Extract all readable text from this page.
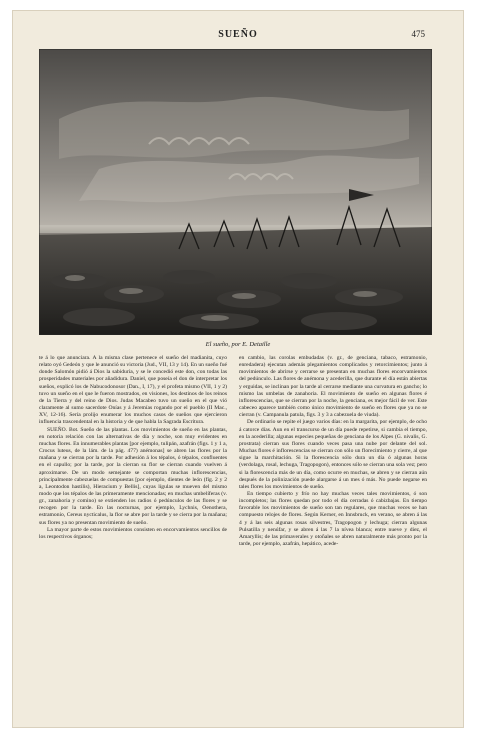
SUEÑO	475
El sueño, por E. Detaille

te á lo que anunciara. A la misma clase pertenece el sueño del madianita, cuyo relato oyó Gedeón y que le anunció su victoria (Jud., VII, 13 y 14). En un sueño fué donde Salomón pidió á Dios la sabiduría, y se le concedió este don, con todas las prosperidades materiales por añadidura. Daniel, que poseía el don de interpretar los sueños, explicó los de Nabucodonosor (Dan., I, 17), y el profeta mismo (VII, 1 y 2) tuvo un sueño en el que le fueron mostrados, en visiones, los destinos de los reinos de la Tierra y del reino de Dios. Judas Macabeo tuvo un sueño en el que vió claramente al sumo sacerdote Onías y á Jeremías rogando por el pueblo (II Mac., XV, 12-16). Sería prolijo enumerar los muchos casos de sueños que ejercieron influencia trascendental en la historia y de que habla la Sagrada Escritura.

SUEÑO. Bot. Sueño de las plantas. Los movimientos de sueño en las plantas, en notoria relación con las alternativas de día y noche, son muy evidentes en muchas flores. En innumerables plantas [por ejemplo, tulipán, azafrán (figs. 1 y 1 a, Crocus luteus, de la lám. de la pág. 477) anémonas] se abren las flores por la mañana y se cierran por la tarde. Por adhesión á los tépalos, ó tépalos, confluentes en el capullo; por la tarde, por la cierran su flor se cierran cuando vuelven á aproximarse. De un modo semejante se comportan muchas inflorescencias, principalmente cabezuelas de compuestas [por ejemplo, dientes de león (fig. 2 y 2 a, Leontodon hastilis), Hieracium y Bellis], cuyas lígulas se mueven del mismo modo que los tépalos de las primeramente mencionadas; en muchas umbelíferas (v. gr., zanahoria y comino) se extienden los radios ó pedúnculos de las flores y se recogen por la tarde. En las nocturnas, por ejemplo, Lychnis, Oenothera, estramonio, Cereus nycticalus, la flor se abre por la tarde y se cierra por la mañana; sus flores ya no presentan movimiento de sueño.

La mayor parte de estos movimientos consisten en encorvamientos sencillos de los respectivos órganos;

en cambio, las corolas embudadas (v. gr., de genciana, tabaco, estramonio, enredadera) ejecutan además plegamientos complicados y retorcimientos; junto á movimientos de abrirse y cerrarse se presentan en muchas flores encorvamientos del pedúnculo. Las flores de anémona y acederilla, que durante el día están abiertas y erguidas, se inclinan por la tarde al cerrarse mediante una curvatura en gancho; lo mismo las umbelas de zanahoria. El movimiento de sueño en algunas flores é inflorescencias, que se cierran por la noche, la genciana, es mejor fácil de ver. Este cabeceo aparece también como único movimiento de sueño en flores que ya no se cierran (v. Campanula patula, figs. 3 y 3 a cabezuela de viuda).

De ordinario se repite el juego varios días: en la margarita, por ejemplo, de ocho á catorce días. Aun en el transcurso de un día puede repetirse, si cambia el tiempo, en la acederilla; algunas especies pequeñas de genciana de los Alpes (G. nivalis, G. prostrata) cierran sus flores cuando veces pasa una nube por delante del sol. Muchas flores é inflorescencias se cierran con sólo un florecimiento y cierre, al que sigue la marchitación. Si la florescencia sólo dura un día ó algunas horas (verdolaga, rosal, lechuga, Tragopogon), entonces sólo se cierran una sola vez; pero si la florescencia más de un día, como ocurre en muchas, se abren y se cierran aún después de la polinización puede alargarse á un mes ó más. No puede negarse en tales flores los movimientos de sueño.

En tiempo cubierto y frío no hay muchas veces tales movimientos, ó son incompletos; las flores quedan por todo el día cerradas ó cabizbajas. En tiempo favorable los movimientos de sueño son tan regulares, que muchas veces se han compuesto relojes de flores. Según Kerner, en Innsbruck, en verano, se abren á las 4 y á las seis algunas rosas silvestres, Tragopogon y lechuga; cierran algunas Pulsatilla y nenúfar, y se abren á las 7 la nívea blanca; entre nueve y diez, el Amaryllis; de las primaverales y otoñales se abren naturalmente más pronto por la tarde, por ejemplo, azafrán, hepático, acede-
